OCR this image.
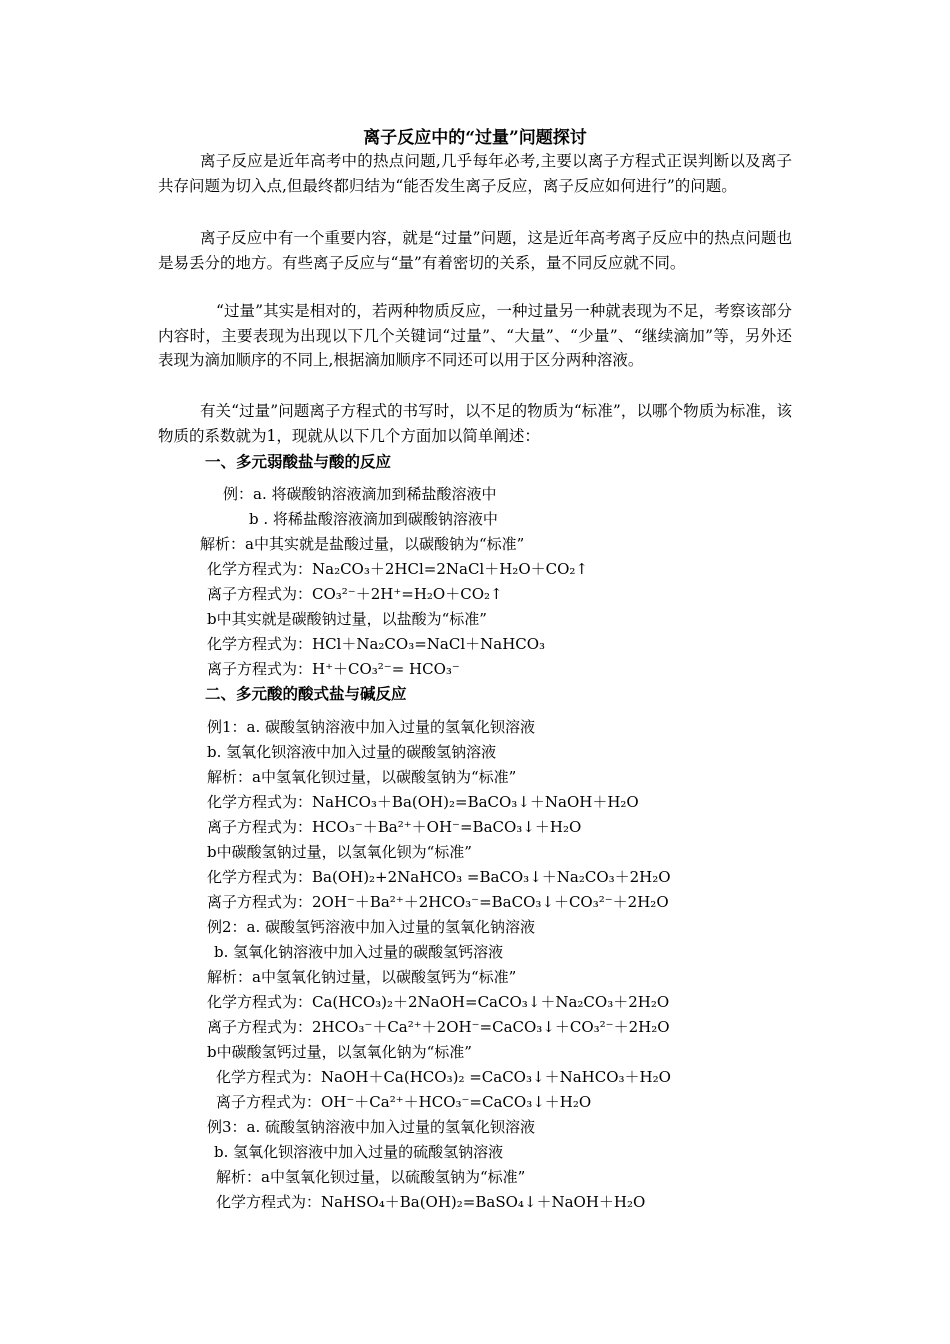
离子反应中的“过量”问题探讨

离子反应是近年高考中的热点问题,几乎每年必考,主要以离子方程式正误判断以及离子共存问题为切入点,但最终都归结为“能否发生离子反应，离子反应如何进行”的问题。

离子反应中有一个重要内容，就是“过量”问题，这是近年高考离子反应中的热点问题也是易丢分的地方。有些离子反应与“量”有着密切的关系，量不同反应就不同。

“过量”其实是相对的，若两种物质反应，一种过量另一种就表现为不足，考察该部分内容时，主要表现为出现以下几个关键词“过量”、“大量”、“少量”、“继续滴加”等，另外还表现为滴加顺序的不同上,根据滴加顺序不同还可以用于区分两种溶液。

有关“过量”问题离子方程式的书写时，以不足的物质为“标准”，以哪个物质为标准，该物质的系数就为1，现就从以下几个方面加以简单阐述：

一、多元弱酸盐与酸的反应
例：a. 将碳酸钠溶液滴加到稀盐酸溶液中
b . 将稀盐酸溶液滴加到碳酸钠溶液中
解析：a中其实就是盐酸过量，以碳酸钠为“标准”
化学方程式为：Na₂CO₃＋2HCl=2NaCl＋H₂O＋CO₂↑
离子方程式为：CO₃²⁻＋2H⁺=H₂O＋CO₂↑
b中其实就是碳酸钠过量，以盐酸为“标准”
化学方程式为：HCl＋Na₂CO₃=NaCl＋NaHCO₃
离子方程式为：H⁺＋CO₃²⁻= HCO₃⁻
二、多元酸的酸式盐与碱反应
例1：a. 碳酸氢钠溶液中加入过量的氢氧化钡溶液
b. 氢氧化钡溶液中加入过量的碳酸氢钠溶液
解析：a中氢氧化钡过量，以碳酸氢钠为“标准”
化学方程式为：NaHCO₃＋Ba(OH)₂=BaCO₃↓＋NaOH＋H₂O
离子方程式为：HCO₃⁻＋Ba²⁺＋OH⁻=BaCO₃↓＋H₂O
b中碳酸氢钠过量，以氢氧化钡为“标准”
化学方程式为：Ba(OH)₂+2NaHCO₃ =BaCO₃↓＋Na₂CO₃＋2H₂O
离子方程式为：2OH⁻＋Ba²⁺＋2HCO₃⁻=BaCO₃↓＋CO₃²⁻＋2H₂O
例2：a. 碳酸氢钙溶液中加入过量的氢氧化钠溶液
b. 氢氧化钠溶液中加入过量的碳酸氢钙溶液
解析：a中氢氧化钠过量，以碳酸氢钙为“标准”
化学方程式为：Ca(HCO₃)₂＋2NaOH=CaCO₃↓＋Na₂CO₃＋2H₂O
离子方程式为：2HCO₃⁻＋Ca²⁺＋2OH⁻=CaCO₃↓＋CO₃²⁻＋2H₂O
b中碳酸氢钙过量，以氢氧化钠为“标准”
化学方程式为：NaOH＋Ca(HCO₃)₂ =CaCO₃↓＋NaHCO₃＋H₂O
离子方程式为：OH⁻＋Ca²⁺＋HCO₃⁻=CaCO₃↓＋H₂O
例3：a. 硫酸氢钠溶液中加入过量的氢氧化钡溶液
b. 氢氧化钡溶液中加入过量的硫酸氢钠溶液
解析：a中氢氧化钡过量，以硫酸氢钠为“标准”
化学方程式为：NaHSO₄＋Ba(OH)₂=BaSO₄↓＋NaOH＋H₂O
